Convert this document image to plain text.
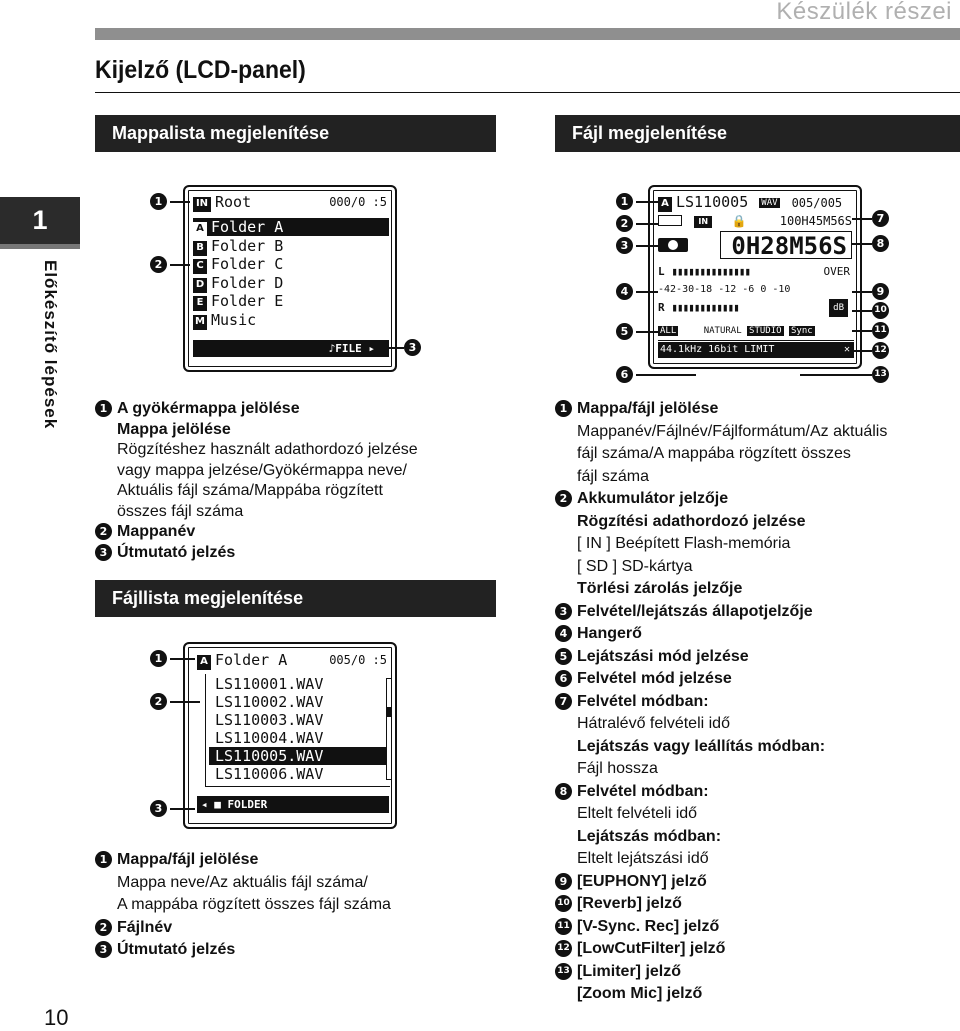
Készülék részei
Kijelző (LCD-panel)
1
Előkészítő lépések
10
Mappalista megjelenítése	Fájl megjelenítése
Fájllista megjelenítése
IN Root	000/0 :5
A Folder A
B Folder B
C Folder C
D Folder D
E Folder E
M Music
♪FILE ▸
A Folder A	005/0 :5
LS110001.WAV
LS110002.WAV
LS110003.WAV
LS110004.WAV
LS110005.WAV
LS110006.WAV
◂ ■ FOLDER
A LS110005 WAV 005/005
IN 🔒	100H45M56S
0H28M56S
L ▮▮▮▮▮▮▮▮▮▮▮▮▮▮	OVER
-42-30-18 -12 -6 0 -10
R ▮▮▮▮▮▮▮▮▮▮▮▮	dB
ALL	NATURAL STUDIO Sync
44.1kHz 16bit LIMIT	✕
1
2
3
1
2
3
1
2
3
4
5
6
7
8
9
10
11
12
13
1 A gyökérmappa jelölése
Mappa jelölése
Rögzítéshez használt adathordozó jelzése
vagy mappa jelzése/Gyökérmappa neve/
Aktuális fájl száma/Mappába rögzített
összes fájl száma
2 Mappanév
3 Útmutató jelzés
1 Mappa/fájl jelölése
Mappa neve/Az aktuális fájl száma/
A mappába rögzített összes fájl száma
2 Fájlnév
3 Útmutató jelzés
1 Mappa/fájl jelölése
Mappanév/Fájlnév/Fájlformátum/Az aktuális
fájl száma/A mappába rögzített összes
fájl száma
2 Akkumulátor jelzője
Rögzítési adathordozó jelzése
[ IN ] Beépített Flash-memória
[ SD ] SD-kártya
Törlési zárolás jelzője
3 Felvétel/lejátszás állapotjelzője
4 Hangerő
5 Lejátszási mód jelzése
6 Felvétel mód jelzése
7 Felvétel módban:
Hátralévő felvételi idő
Lejátszás vagy leállítás módban:
Fájl hossza
8 Felvétel módban:
Eltelt felvételi idő
Lejátszás módban:
Eltelt lejátszási idő
9 [EUPHONY] jelző
10 [Reverb] jelző
11 [V-Sync. Rec] jelző
12 [LowCutFilter] jelző
13 [Limiter] jelző
[Zoom Mic] jelző
